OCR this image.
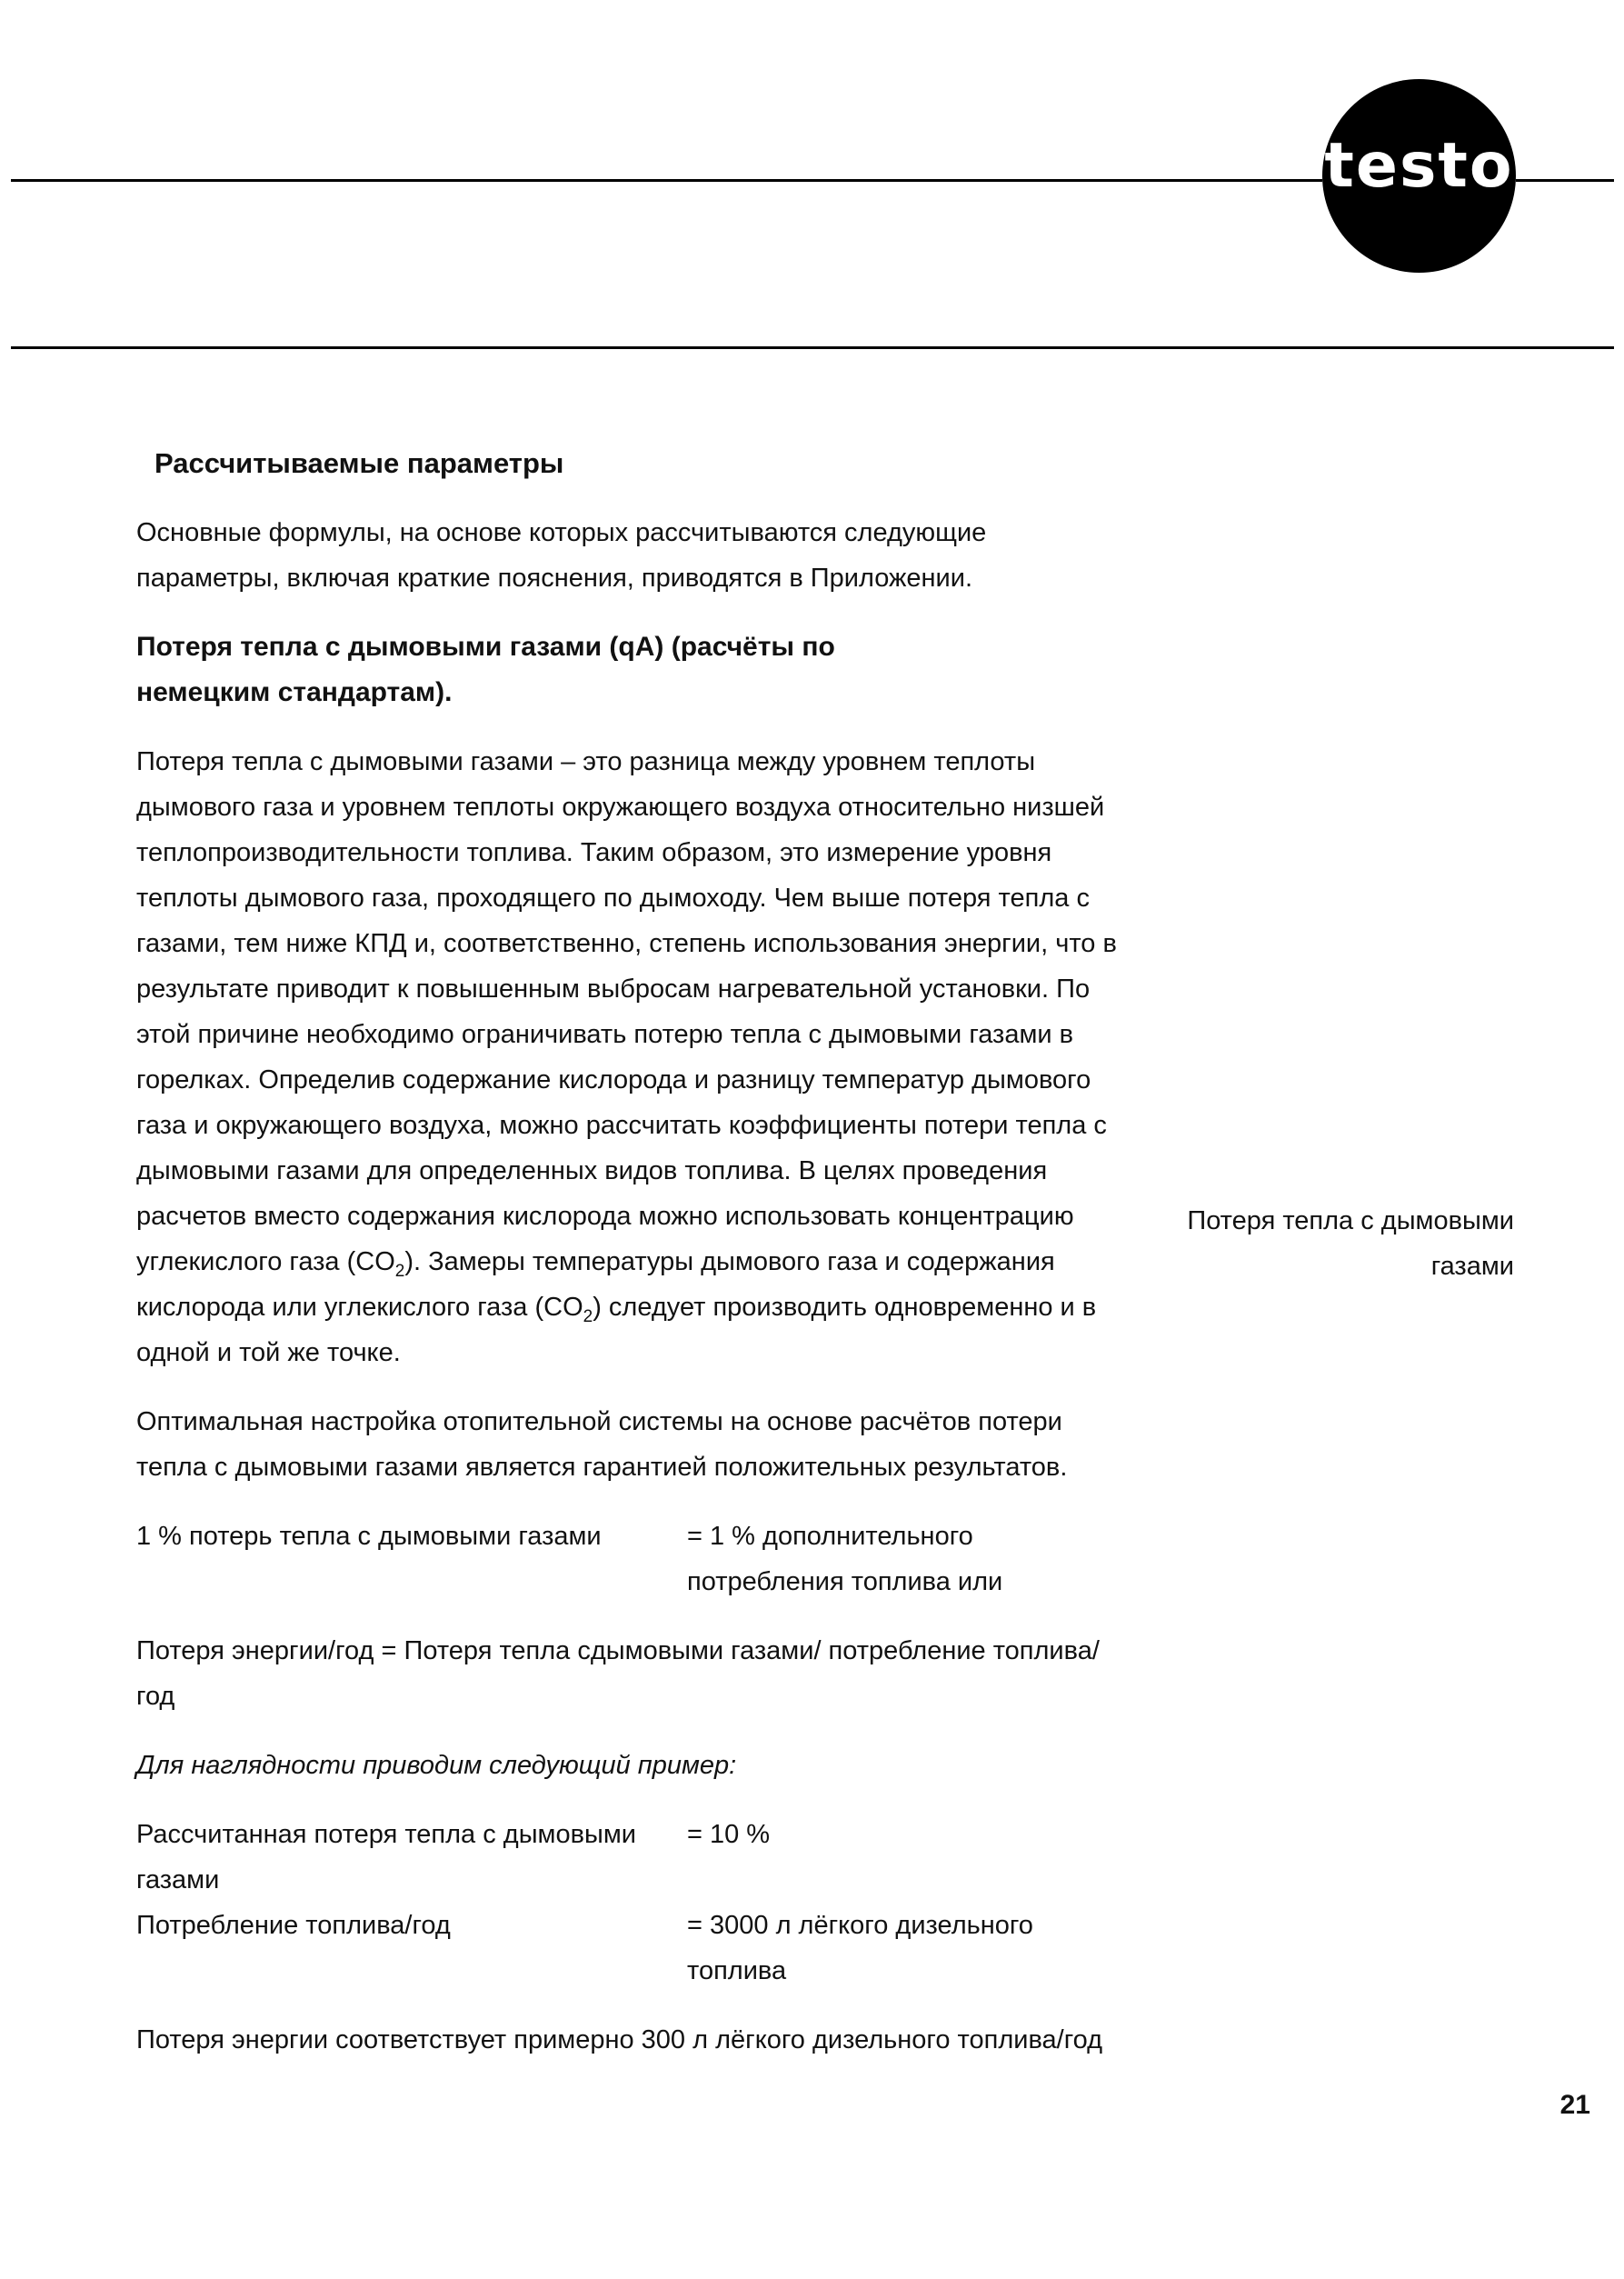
testo

Рассчитываемые параметры

Основные формулы, на основе которых рассчитываются следующие параметры, включая краткие пояснения, приводятся в Приложении.

Потеря тепла с дымовыми газами (qA) (расчёты по немецким стандартам).

Потеря тепла с дымовыми газами – это разница между уровнем теплоты дымового газа и уровнем теплоты окружающего воздуха относительно низшей теплопроизводительности топлива. Таким образом, это измерение уровня теплоты дымового газа, проходящего по дымоходу. Чем выше потеря тепла с газами, тем ниже КПД и, соответственно, степень использования энергии, что в результате приводит к повышенным выбросам нагревательной установки. По этой причине необходимо ограничивать потерю тепла с дымовыми газами в горелках. Определив содержание кислорода и разницу температур дымового газа и окружающего воздуха, можно рассчитать коэффициенты потери тепла с дымовыми газами для определенных видов топлива. В целях проведения расчетов вместо содержания кислорода можно использовать концентрацию углекислого газа $(CO_2)$. Замеры температуры дымового газа и содержания кислорода или углекислого газа $(CO_2)$ следует производить одновременно и в одной и той же точке.

Оптимальная настройка отопительной системы на основе расчётов потери тепла с дымовыми газами является гарантией положительных результатов.

1 % потерь тепла с дымовыми газами	= 1 % дополнительного потребления топлива или

Потеря энергии/год = Потеря тепла сдымовыми газами/ потребление топлива/год

Для наглядности приводим следующий пример:

Рассчитанная потеря тепла с дымовыми газами
= 10 %
Потребление топлива/год	= 3000 л лёгкого дизельного топлива

Потеря энергии соответствует примерно 300 л лёгкого дизельного топлива/год

Потеря тепла с дымовыми газами
21
